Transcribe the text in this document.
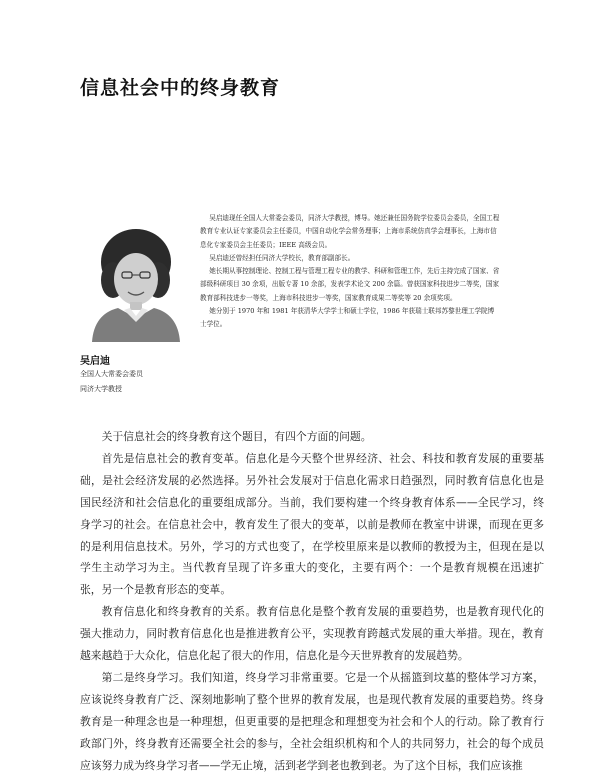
信息社会中的终身教育

吴启迪现任全国人大常委会委员，同济大学教授，博导。她还兼任国务院学位委员会委员，全国工程教育专业认证专家委员会主任委员，中国自动化学会常务理事；上海市系统仿真学会理事长，上海市信息化专家委员会主任委员；IEEE 高级会员。

吴启迪还曾经担任同济大学校长，教育部副部长。

她长期从事控制理论、控制工程与管理工程专业的教学、科研和管理工作，先后主持完成了国家、省部级科研项目 30 余项，出版专著 10 余部，发表学术论文 200 余篇。曾获国家科技进步二等奖，国家教育部科技进步一等奖，上海市科技进步一等奖，国家教育成果二等奖等 20 余项奖项。

她分别于 1970 年和 1981 年获清华大学学士和硕士学位，1986 年获瑞士联邦苏黎世理工学院博士学位。

吴启迪
全国人大常委会委员
同济大学教授

关于信息社会的终身教育这个题目，有四个方面的问题。

首先是信息社会的教育变革。信息化是今天整个世界经济、社会、科技和教育发展的重要基础，是社会经济发展的必然选择。另外社会发展对于信息化需求日趋强烈，同时教育信息化也是国民经济和社会信息化的重要组成部分。当前，我们要构建一个终身教育体系——全民学习，终身学习的社会。在信息社会中，教育发生了很大的变革，以前是教师在教室中讲课，而现在更多的是利用信息技术。另外，学习的方式也变了，在学校里原来是以教师的教授为主，但现在是以学生主动学习为主。当代教育呈现了许多重大的变化，主要有两个：一个是教育规模在迅速扩张，另一个是教育形态的变革。

教育信息化和终身教育的关系。教育信息化是整个教育发展的重要趋势，也是教育现代化的强大推动力，同时教育信息化也是推进教育公平，实现教育跨越式发展的重大举措。现在，教育越来越趋于大众化，信息化起了很大的作用，信息化是今天世界教育的发展趋势。

第二是终身学习。我们知道，终身学习非常重要。它是一个从摇篮到坟墓的整体学习方案，应该说终身教育广泛、深刻地影响了整个世界的教育发展，也是现代教育发展的重要趋势。终身教育是一种理念也是一种理想，但更重要的是把理念和理想变为社会和个人的行动。除了教育行政部门外，终身教育还需要全社会的参与，全社会组织机构和个人的共同努力，社会的每个成员应该努力成为终身学习者——学无止境，活到老学到老也教到老。为了这个目标，我们应该推
